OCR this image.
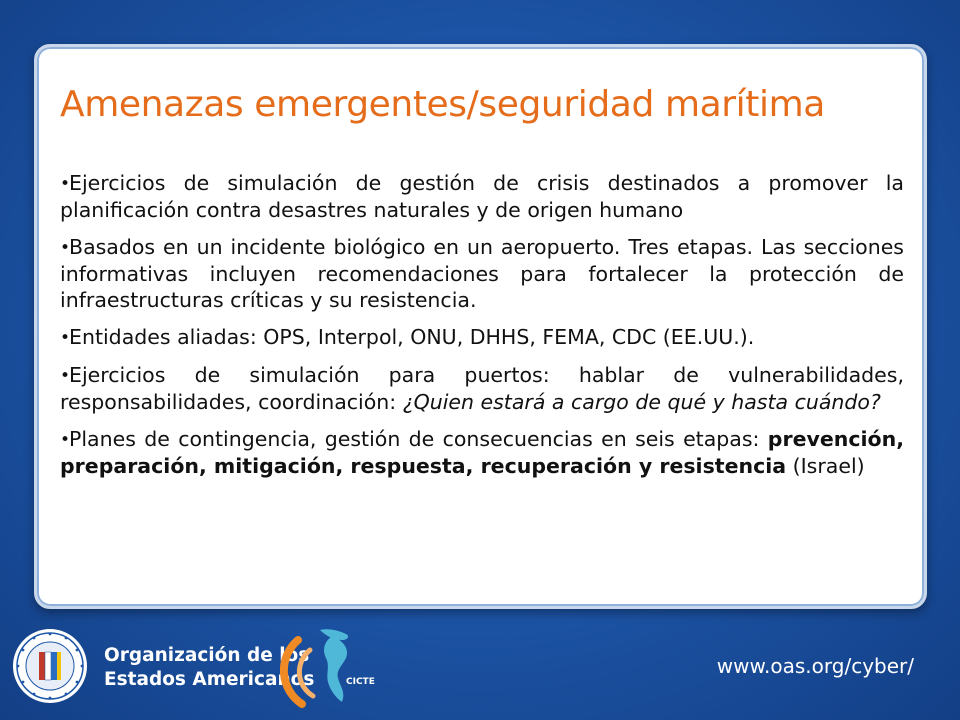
Amenazas emergentes/seguridad marítima
•Ejercicios de simulación de gestión de crisis destinados a promover la planificación contra desastres naturales y de origen humano
•Basados en un incidente biológico en un aeropuerto. Tres etapas. Las secciones informativas incluyen recomendaciones para fortalecer la protección de infraestructuras críticas y su resistencia.
•Entidades aliadas: OPS, Interpol, ONU, DHHS, FEMA, CDC (EE.UU.).
•Ejercicios de simulación para puertos: hablar de vulnerabilidades, responsabilidades, coordinación: ¿Quien estará a cargo de qué y hasta cuándo?
•Planes de contingencia, gestión de consecuencias en seis etapas: prevención, preparación, mitigación, respuesta, recuperación y resistencia (Israel)
Organización de los
Estados Americanos	CICTE
www.oas.org/cyber/
